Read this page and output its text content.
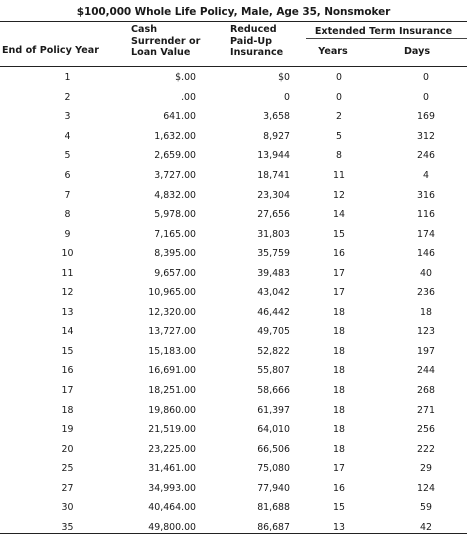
$100,000 Whole Life Policy, Male, Age 35, Nonsmoker
End of Policy Year
Cash
Surrender or
Loan Value
Reduced
Paid-Up
Insurance
Extended Term Insurance
Years	Days
1	$.00		$0		0		0	
2	.00		0		0		0	
3	641.00		3,658		2		169	
4	1,632.00		8,927		5		312	
5	2,659.00		13,944		8		246	
6	3,727.00		18,741		11		4	
7	4,832.00		23,304		12		316	
8	5,978.00		27,656		14		116	
9	7,165.00		31,803		15		174	
10	8,395.00		35,759		16		146	
11	9,657.00		39,483		17		40	
12	10,965.00		43,042		17		236	
13	12,320.00		46,442		18		18	
14	13,727.00		49,705		18		123	
15	15,183.00		52,822		18		197	
16	16,691.00		55,807		18		244	
17	18,251.00		58,666		18		268	
18	19,860.00		61,397		18		271	
19	21,519.00		64,010		18		256	
20	23,225.00		66,506		18		222	
25	31,461.00		75,080		17		29	
27	34,993.00		77,940		16		124	
30	40,464.00		81,688		15		59	
35	49,800.00		86,687		13		42	
